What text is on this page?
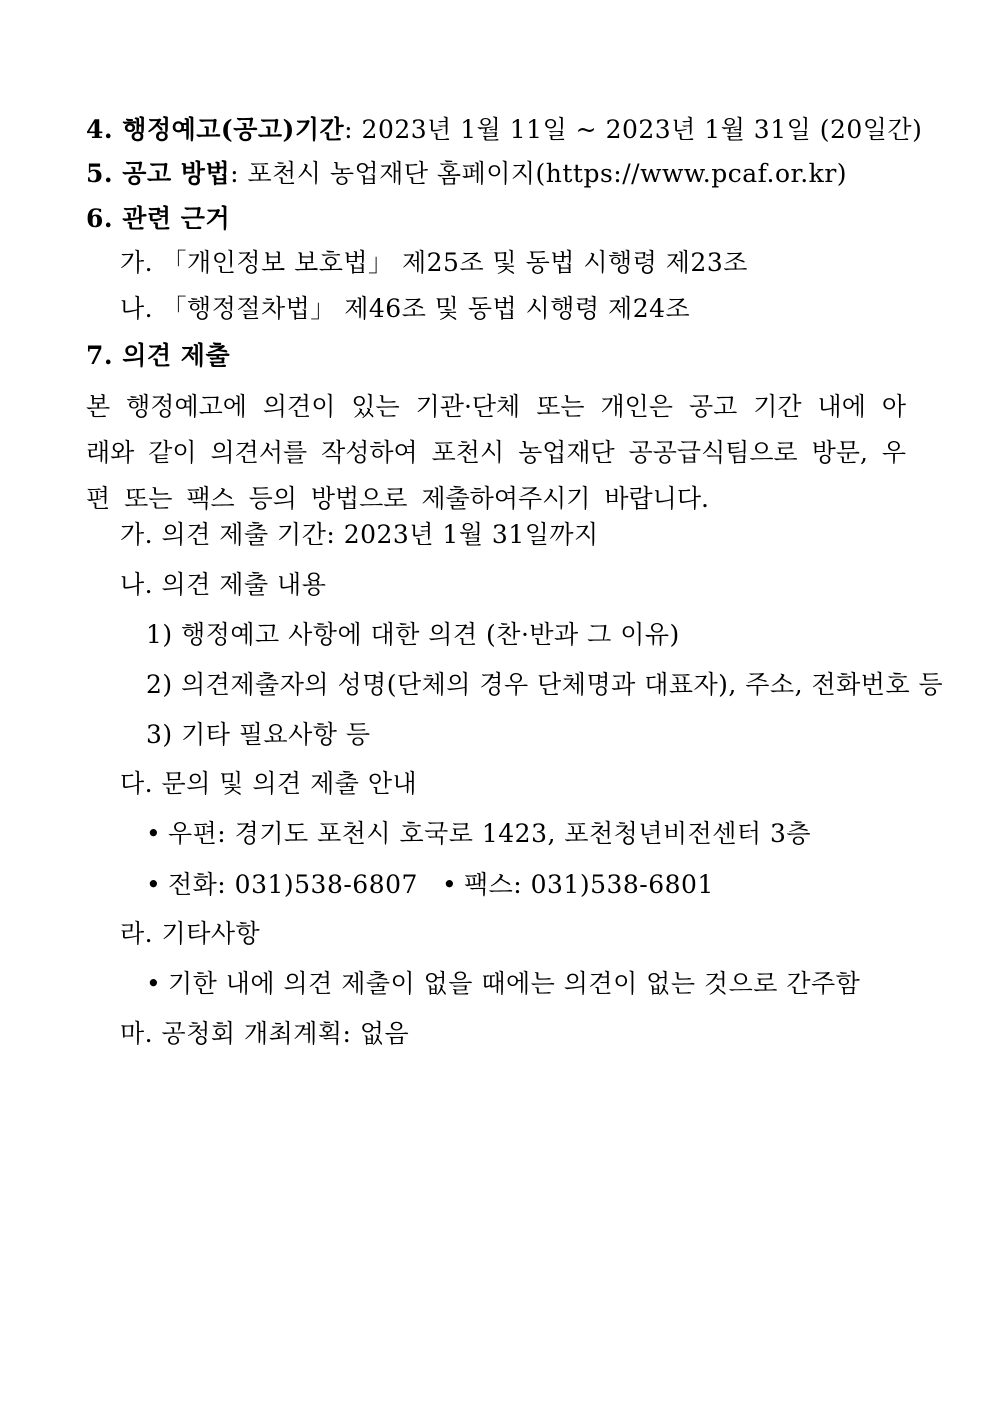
4. 행정예고(공고)기간: 2023년 1월 11일 ~ 2023년 1월 31일 (20일간)
5. 공고 방법: 포천시 농업재단 홈페이지(https://www.pcaf.or.kr)
6. 관련 근거
가. 「개인정보 보호법」 제25조 및 동법 시행령 제23조
나. 「행정절차법」 제46조 및 동법 시행령 제24조
7. 의견 제출
본 행정예고에 의견이 있는 기관·단체 또는 개인은 공고 기간 내에 아래와 같이 의견서를 작성하여 포천시 농업재단 공공급식팀으로 방문, 우편 또는 팩스 등의 방법으로 제출하여주시기 바랍니다.
가. 의견 제출 기간: 2023년 1월 31일까지
나. 의견 제출 내용
1) 행정예고 사항에 대한 의견 (찬·반과 그 이유)
2) 의견제출자의 성명(단체의 경우 단체명과 대표자), 주소, 전화번호 등
3) 기타 필요사항 등
다. 문의 및 의견 제출 안내
• 우편: 경기도 포천시 호국로 1423, 포천청년비전센터 3층
• 전화: 031)538-6807 • 팩스: 031)538-6801
라. 기타사항
• 기한 내에 의견 제출이 없을 때에는 의견이 없는 것으로 간주함
마. 공청회 개최계획: 없음
